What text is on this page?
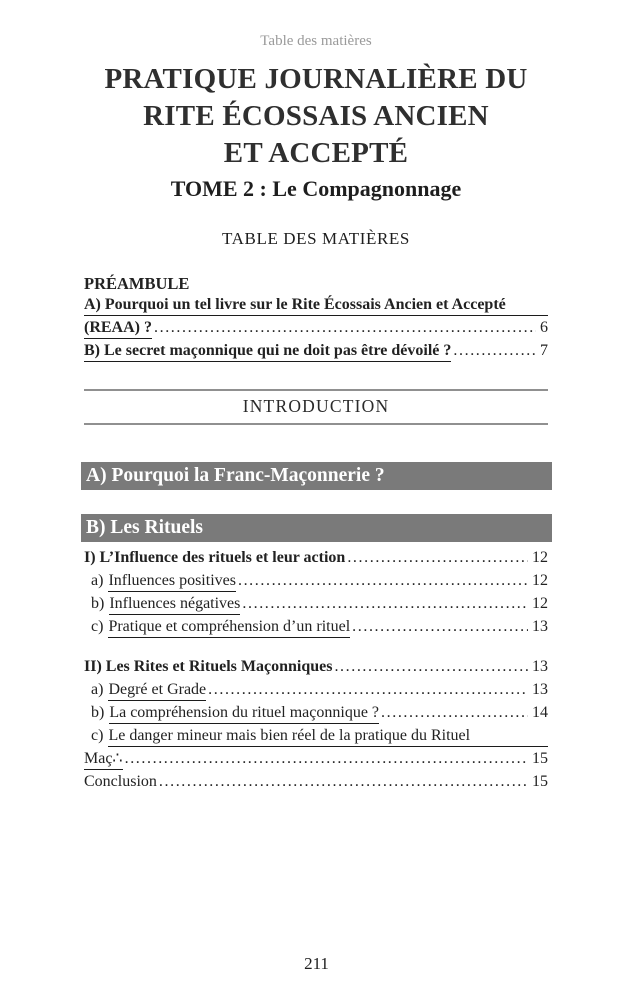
Table des matières
PRATIQUE JOURNALIÈRE DU
RITE ÉCOSSAIS ANCIEN
ET ACCEPTÉ
TOME 2 : Le Compagnonnage
TABLE DES MATIÈRES
PRÉAMBULE
A) Pourquoi un tel livre sur le Rite Écossais Ancien et Accepté
(REAA) ? .....	6
B) Le secret maçonnique qui ne doit pas être dévoilé ? .....	7
INTRODUCTION
A) Pourquoi la Franc-Maçonnerie ?
B) Les Rituels
I) L’Influence des rituels et leur action .....	12
a) Influences positives .....	12
b) Influences négatives .....	12
c) Pratique et compréhension d’un rituel .....	13
II) Les Rites et Rituels Maçonniques .....	13
a) Degré et Grade .....	13
b) La compréhension du rituel maçonnique ? .....	14
c) Le danger mineur mais bien réel de la pratique du Rituel
Maç∴ .....	15
Conclusion .....	15
211
